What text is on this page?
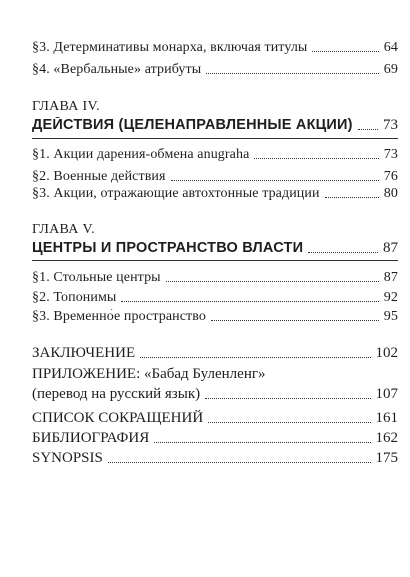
§3. Детерминативы монарха, включая титулы	64
§4. «Вербальные» атрибуты	69
ГЛАВА IV.
ДЕЙСТВИЯ (ЦЕЛЕНАПРАВЛЕННЫЕ АКЦИИ) 73
§1. Акции дарения-обмена anugraha	73
§2. Военные действия	76
§3. Акции, отражающие автохтонные традиции	80
ГЛАВА V.
ЦЕНТРЫ И ПРОСТРАНСТВО ВЛАСТИ	87
§1. Стольные центры	87
§2. Топонимы	92
§3. Временно́е пространство	95
ЗАКЛЮЧЕНИЕ	102
ПРИЛОЖЕНИЕ: «Бабад Буленленг»
(перевод на русский язык)	107
СПИСОК СОКРАЩЕНИЙ	161
БИБЛИОГРАФИЯ	162
SYNOPSIS	175
